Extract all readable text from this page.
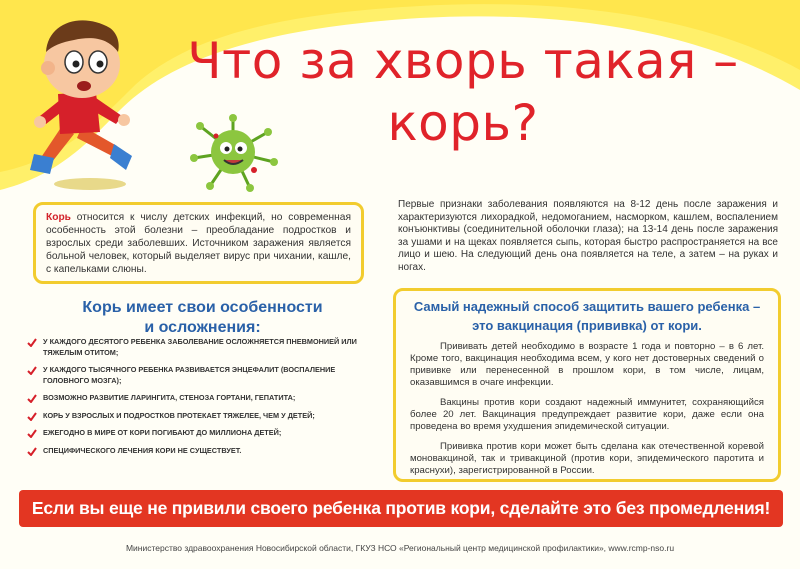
Что за хворь такая –
корь?

Корь относится к числу детских инфекций, но современная особенность этой болезни – преобладание подростков и взрослых среди заболевших. Источником заражения является больной человек, который выделяет вирус при чихании, кашле, с капельками слюны.

Первые признаки заболевания появляются на 8-12 день после заражения и характеризуются лихорадкой, недомоганием, насморком, кашлем, воспалением конъюнктивы (соединительной оболочки глаза); на 13-14 день после заражения за ушами и на щеках появляется сыпь, которая быстро распространяется на все лицо и шею. На следующий день она появляется на теле, а затем – на руках и ногах.

Корь имеет свои особенности
и осложнения:
У КАЖДОГО ДЕСЯТОГО РЕБЕНКА ЗАБОЛЕВАНИЕ ОСЛОЖНЯЕТСЯ ПНЕВМОНИЕЙ ИЛИ ТЯЖЕЛЫМ ОТИТОМ;
У КАЖДОГО ТЫСЯЧНОГО РЕБЕНКА РАЗВИВАЕТСЯ ЭНЦЕФАЛИТ (ВОСПАЛЕНИЕ ГОЛОВНОГО МОЗГА);
ВОЗМОЖНО РАЗВИТИЕ ЛАРИНГИТА, СТЕНОЗА ГОРТАНИ, ГЕПАТИТА;
КОРЬ У ВЗРОСЛЫХ И ПОДРОСТКОВ ПРОТЕКАЕТ ТЯЖЕЛЕЕ, ЧЕМ У ДЕТЕЙ;
ЕЖЕГОДНО В МИРЕ ОТ КОРИ ПОГИБАЮТ ДО МИЛЛИОНА ДЕТЕЙ;
СПЕЦИФИЧЕСКОГО ЛЕЧЕНИЯ КОРИ НЕ СУЩЕСТВУЕТ.
Самый надежный способ защитить вашего ребенка –
это вакцинация (прививка) от кори.

Прививать детей необходимо в возрасте 1 года и повторно – в 6 лет. Кроме того, вакцинация необходима всем, у кого нет достоверных сведений о прививке или перенесенной в прошлом кори, в том числе, лицам, оказавшимся в очаге инфекции.

Вакцины против кори создают надежный иммунитет, сохраняющийся более 20 лет. Вакцинация предупреждает развитие кори, даже если она проведена во время ухудшения эпидемической ситуации.

Прививка против кори может быть сделана как отечественной коревой моновакциной, так и тривакциной (против кори, эпидемического паротита и краснухи), зарегистрированной в России.

Если вы еще не привили своего ребенка против кори, сделайте это без промедления!
Министерство здравоохранения Новосибирской области, ГКУЗ НСО «Региональный центр медицинской профилактики», www.rcmp-nso.ru
